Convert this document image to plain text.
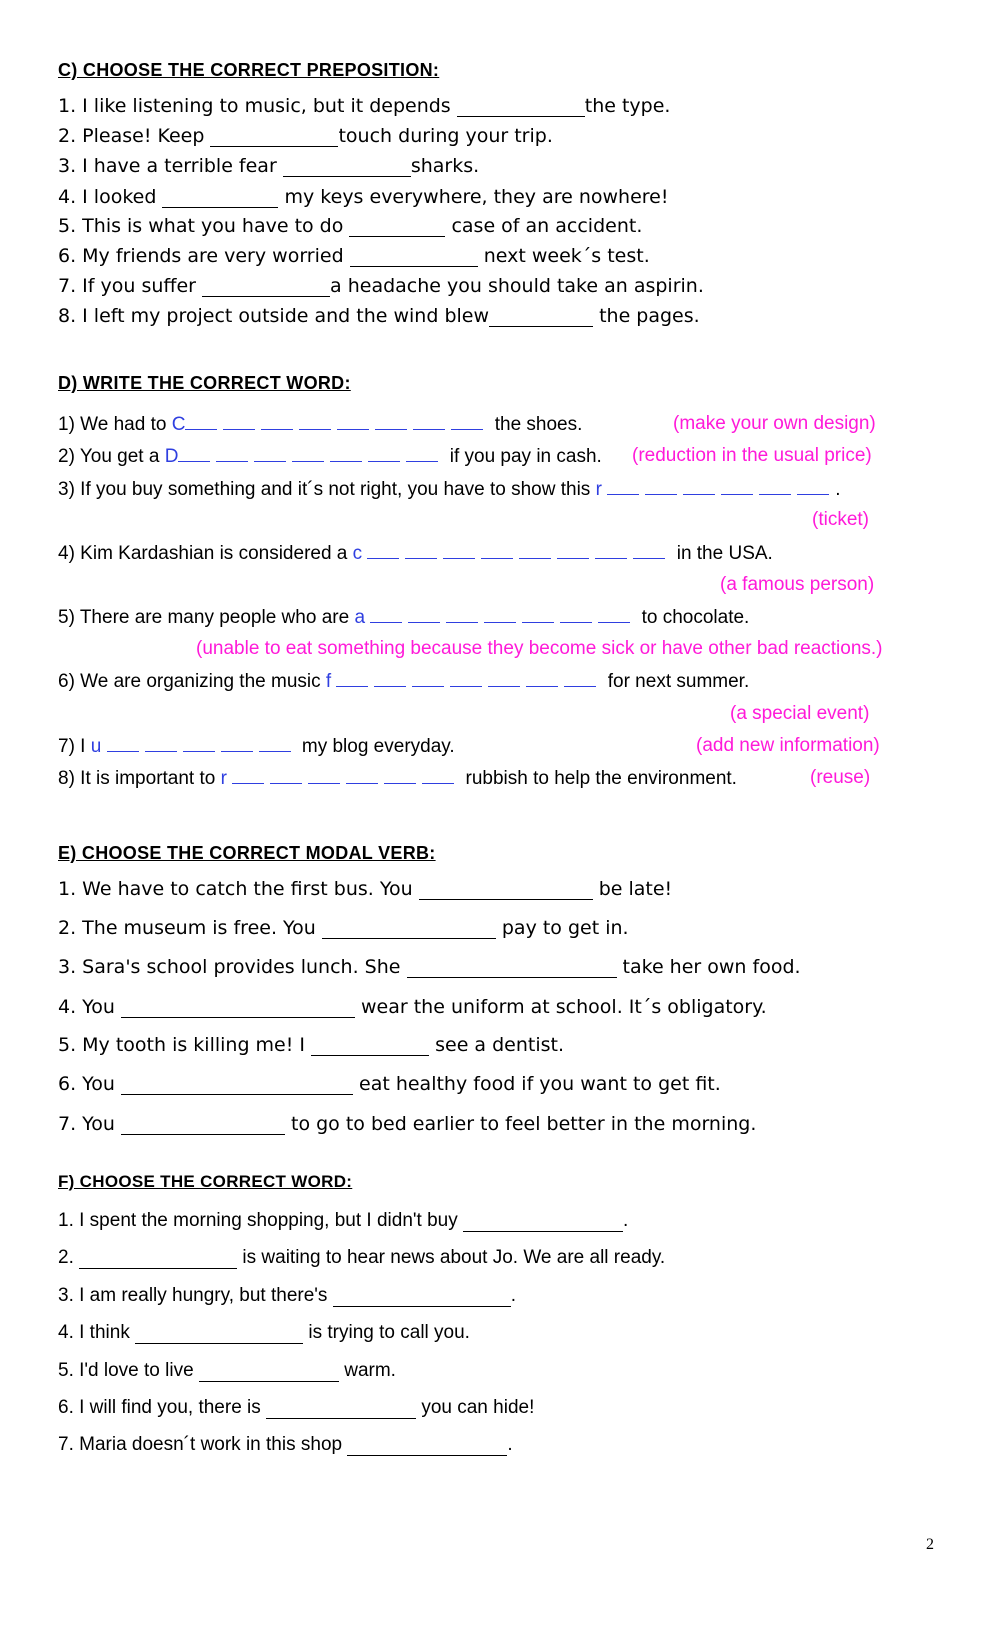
C) CHOOSE THE CORRECT PREPOSITION:
1. I like listening to music, but it depends	the type.
2. Please! Keep	touch during your trip.
3. I have a terrible fear	sharks.
4. I looked	my keys everywhere, they are nowhere!
5. This is what you have to do	case of an accident.
6. My friends are very worried	next week´s test.
7. If you suffer	a headache you should take an aspirin.
8. I left my project outside and the wind blew	the pages.
D) WRITE THE CORRECT WORD:
1) We had to C	the shoes.	(make your own design)
2) You get a D	if you pay in cash. (reduction in the usual price)
3) If you buy something and it´s not right, you have to show this r	.
(ticket)
4) Kim Kardashian is considered a c	in the USA.
(a famous person)
5) There are many people who are a	to chocolate.
(unable to eat something because they become sick or have other bad reactions.)
6) We are organizing the music f	for next summer.
(a special event)
7) I u	my blog everyday.	(add new information)
8) It is important to r	rubbish to help the environment.	(reuse)
E) CHOOSE THE CORRECT MODAL VERB:
1. We have to catch the first bus. You	be late!
2. The museum is free. You	pay to get in.
3. Sara's school provides lunch. She	take her own food.
4. You	wear the uniform at school. It´s obligatory.
5. My tooth is killing me! I	see a dentist.
6. You	eat healthy food if you want to get fit.
7. You	to go to bed earlier to feel better in the morning.
F) CHOOSE THE CORRECT WORD:
1. I spent the morning shopping, but I didn't buy	.
2.	is waiting to hear news about Jo. We are all ready.
3. I am really hungry, but there's	.
4. I think	is trying to call you.
5. I'd love to live	warm.
6. I will find you, there is	you can hide!
7. Maria doesn´t work in this shop	.
2
